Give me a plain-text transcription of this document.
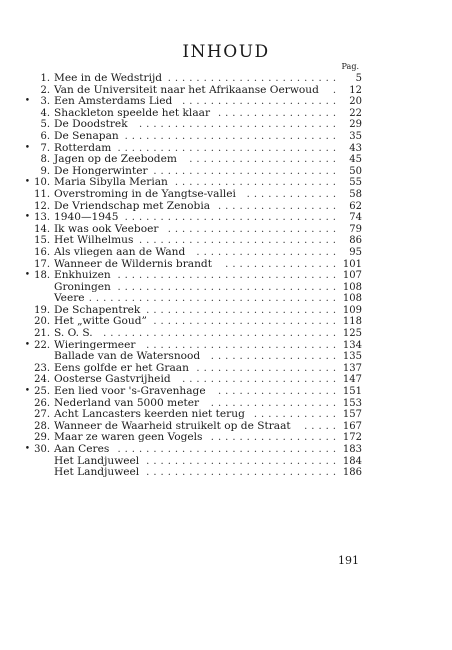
INHOUD
Pag.
1. Mee in de Wedstrijd ........................	5
2. Van de Universiteit naar het Afrikaanse Oerwoud . 12
•	3. Een Amsterdams Lied ...................... 20
4. Shackleton speelde het klaar ................. 22
5. De Doodstrek ............................ 29
6. De Senapan .............................. 35
•	7. Rotterdam ............................... 43
8. Jagen op de Zeebodem ..................... 45
9. De Hongerwinter .......................... 50
• 10. Maria Sibylla Merian ....................... 55
11. Overstroming in de Yangtse-vallei ............. 58
12. De Vriendschap met Zenobia ................. 62
• 13. 1940—1945 .............................. 74
14. Ik was ook Veeboer ........................ 79
15. Het Wilhelmus ............................ 86
16. Als vliegen aan de Wand .................... 95
17. Wanneer de Wildernis brandt ................ 101
• 18. Enkhuizen ............................... 107
Groningen ............................... 108
Veere ................................... 108
19. De Schapentrek ........................... 109
20. Het „witte Goud” .......................... 118
21. S. O. S. ................................. 125
• 22. Wieringermeer ........................... 134
Ballade van de Watersnood .................. 135
23. Eens golfde er het Graan .................... 137
24. Oosterse Gastvrijheid ...................... 147
• 25. Een lied voor 's-Gravenhage ................. 151
26. Nederland van 5000 meter .................. 153
27. Acht Lancasters keerden niet terug ............ 157
28. Wanneer de Waarheid struikelt op de Straat ..... 167
29. Maar ze waren geen Vogels .................. 172
• 30. Aan Ceres ............................... 183
Het Landjuweel ........................... 184
Het Landjuweel ........................... 186
191
